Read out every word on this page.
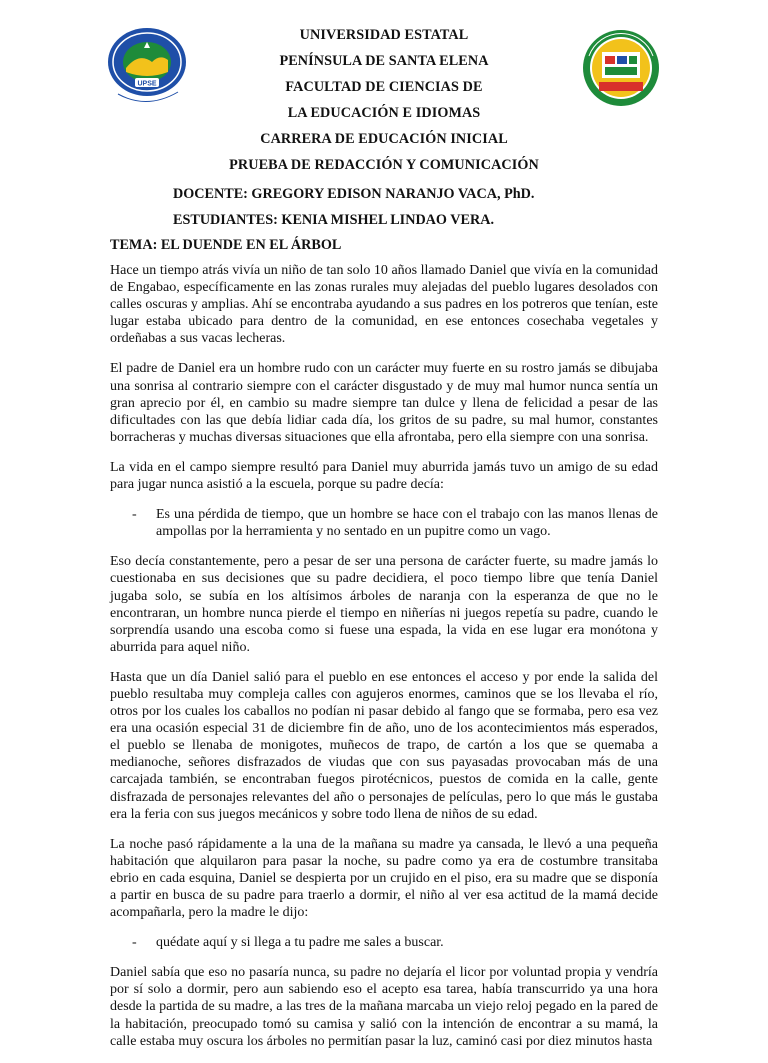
UPSE
UNIVERSIDAD ESTATAL
PENÍNSULA DE SANTA ELENA
FACULTAD DE CIENCIAS DE
LA EDUCACIÓN E IDIOMAS
CARRERA DE EDUCACIÓN INICIAL
PRUEBA DE REDACCIÓN Y COMUNICACIÓN
DOCENTE: GREGORY EDISON NARANJO VACA, PhD.
ESTUDIANTES: KENIA MISHEL LINDAO VERA.
TEMA: EL DUENDE EN EL ÁRBOL

Hace un tiempo atrás vivía un niño de tan solo 10 años llamado Daniel que vivía en la comunidad de Engabao, específicamente en las zonas rurales muy alejadas del pueblo lugares desolados con calles oscuras y amplias. Ahí se encontraba ayudando a sus padres en los potreros que tenían, este lugar estaba ubicado para dentro de la comunidad, en ese entonces cosechaba vegetales y ordeñabas a sus vacas lecheras.

El padre de Daniel era un hombre rudo con un carácter muy fuerte en su rostro jamás se dibujaba una sonrisa al contrario siempre con el carácter disgustado y de muy mal humor nunca sentía un gran aprecio por él, en cambio su madre siempre tan dulce y llena de felicidad a pesar de las dificultades con las que debía lidiar cada día, los gritos de su padre, su mal humor, constantes borracheras y muchas diversas situaciones que ella afrontaba, pero ella siempre con una sonrisa.

La vida en el campo siempre resultó para Daniel muy aburrida jamás tuvo un amigo de su edad para jugar nunca asistió a la escuela, porque su padre decía:

- Es una pérdida de tiempo, que un hombre se hace con el trabajo con las manos llenas de ampollas por la herramienta y no sentado en un pupitre como un vago.

Eso decía constantemente, pero a pesar de ser una persona de carácter fuerte, su madre jamás lo cuestionaba en sus decisiones que su padre decidiera, el poco tiempo libre que tenía Daniel jugaba solo, se subía en los altísimos árboles de naranja con la esperanza de que no le encontraran, un hombre nunca pierde el tiempo en niñerías ni juegos repetía su padre, cuando le sorprendía usando una escoba como si fuese una espada, la vida en ese lugar era monótona y aburrida para aquel niño.

Hasta que un día Daniel salió para el pueblo en ese entonces el acceso y por ende la salida del pueblo resultaba muy compleja calles con agujeros enormes, caminos que se los llevaba el río, otros por los cuales los caballos no podían ni pasar debido al fango que se formaba, pero esa vez era una ocasión especial 31 de diciembre fin de año, uno de los acontecimientos más esperados, el pueblo se llenaba de monigotes, muñecos de trapo, de cartón a los que se quemaba a medianoche, señores disfrazados de viudas que con sus payasadas provocaban más de una carcajada también, se encontraban fuegos pirotécnicos, puestos de comida en la calle, gente disfrazada de personajes relevantes del año o personajes de películas, pero lo que más le gustaba era la feria con sus juegos mecánicos y sobre todo llena de niños de su edad.

La noche pasó rápidamente a la una de la mañana su madre ya cansada, le llevó a una pequeña habitación que alquilaron para pasar la noche, su padre como ya era de costumbre transitaba ebrio en cada esquina, Daniel se despierta por un crujido en el piso, era su madre que se disponía a partir en busca de su padre para traerlo a dormir, el niño al ver esa actitud de la mamá decide acompañarla, pero la madre le dijo:

- quédate aquí y si llega a tu padre me sales a buscar.

Daniel sabía que eso no pasaría nunca, su padre no dejaría el licor por voluntad propia y vendría por sí solo a dormir, pero aun sabiendo eso el acepto esa tarea, había transcurrido ya una hora desde la partida de su madre, a las tres de la mañana marcaba un viejo reloj pegado en la pared de la habitación, preocupado tomó su camisa y salió con la intención de encontrar a su mamá, la calle estaba muy oscura los árboles no permitían pasar la luz, caminó casi por diez minutos hasta
